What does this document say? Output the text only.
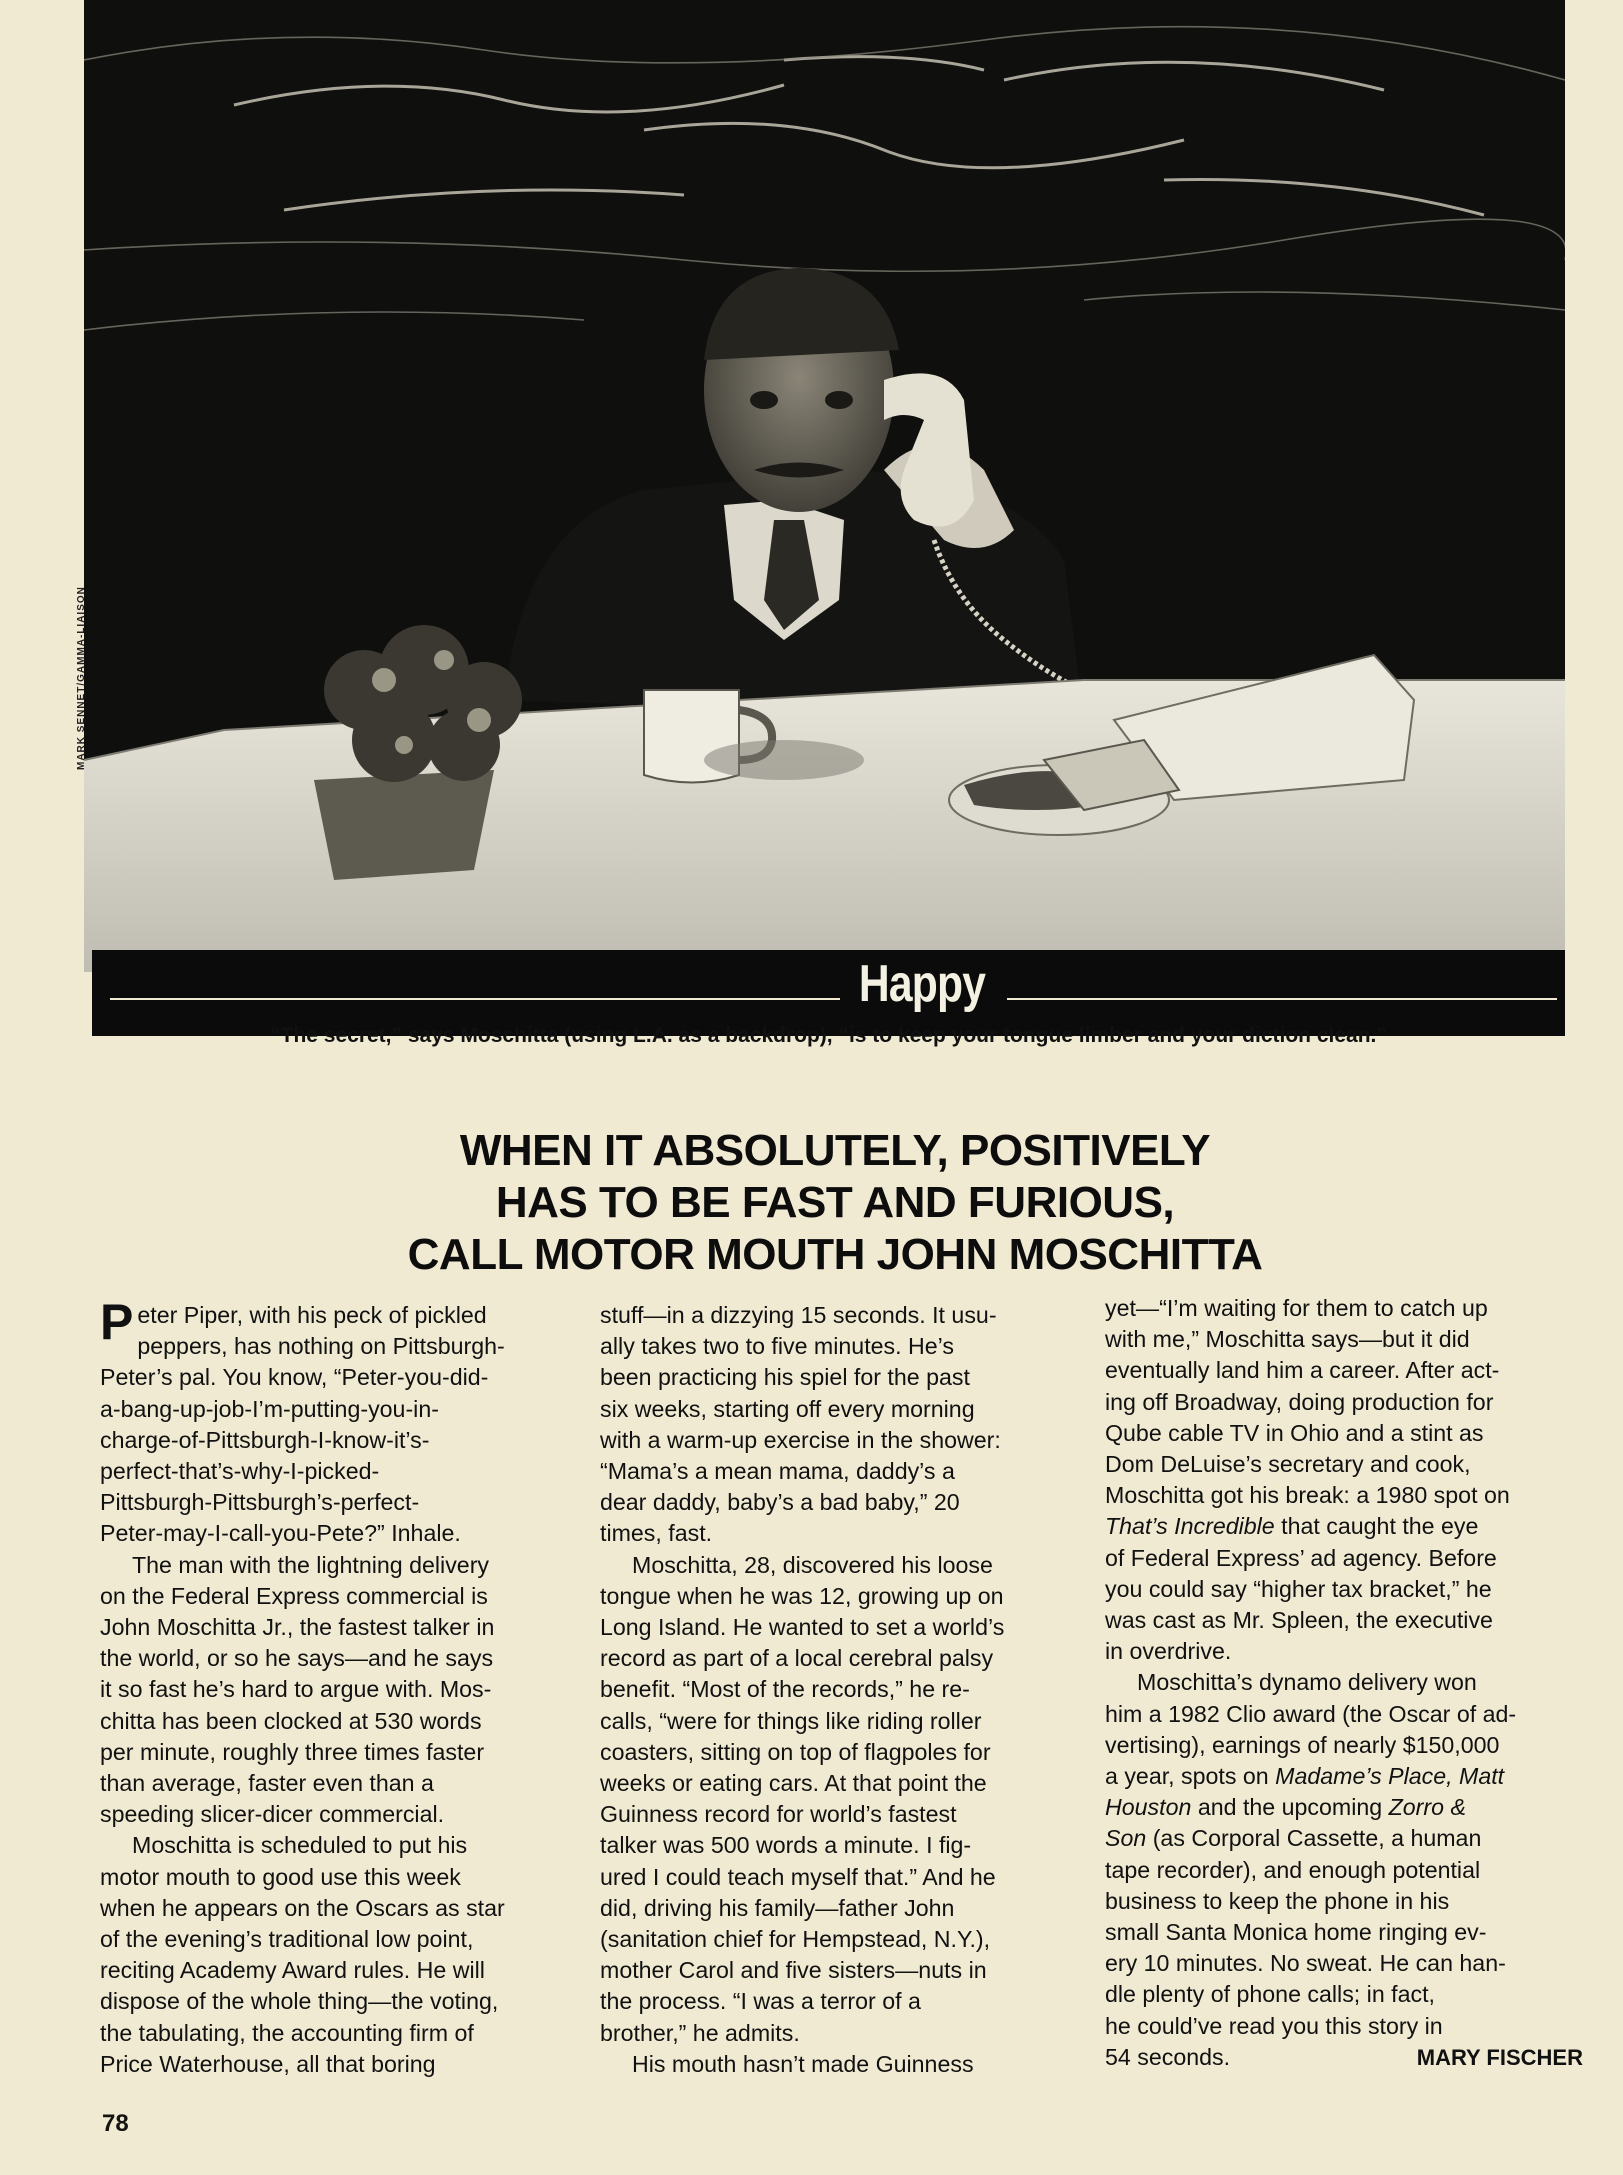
MARK SENNET/GAMMA-LIAISON
Happy
“The secret,” says Moschitta (using L.A. as a backdrop), “is to keep your tongue limber and your diction clean.”
WHEN IT ABSOLUTELY, POSITIVELY
HAS TO BE FAST AND FURIOUS,
CALL MOTOR MOUTH JOHN MOSCHITTA
P eter Piper, with his peck of pickled
peppers, has nothing on Pittsburgh-
Peter’s pal. You know, “Peter-you-did-
a-bang-up-job-I’m-putting-you-in-
charge-of-Pittsburgh-I-know-it’s-
perfect-that’s-why-I-picked-
Pittsburgh-Pittsburgh’s-perfect-
Peter-may-I-call-you-Pete?” Inhale.
The man with the lightning delivery
on the Federal Express commercial is
John Moschitta Jr., the fastest talker in
the world, or so he says—and he says
it so fast he’s hard to argue with. Mos-
chitta has been clocked at 530 words
per minute, roughly three times faster
than average, faster even than a
speeding slicer-dicer commercial.
Moschitta is scheduled to put his
motor mouth to good use this week
when he appears on the Oscars as star
of the evening’s traditional low point,
reciting Academy Award rules. He will
dispose of the whole thing—the voting,
the tabulating, the accounting firm of
Price Waterhouse, all that boring
stuff—in a dizzying 15 seconds. It usu-
ally takes two to five minutes. He’s
been practicing his spiel for the past
six weeks, starting off every morning
with a warm-up exercise in the shower:
“Mama’s a mean mama, daddy’s a
dear daddy, baby’s a bad baby,” 20
times, fast.
Moschitta, 28, discovered his loose
tongue when he was 12, growing up on
Long Island. He wanted to set a world’s
record as part of a local cerebral palsy
benefit. “Most of the records,” he re-
calls, “were for things like riding roller
coasters, sitting on top of flagpoles for
weeks or eating cars. At that point the
Guinness record for world’s fastest
talker was 500 words a minute. I fig-
ured I could teach myself that.” And he
did, driving his family—father John
(sanitation chief for Hempstead, N.Y.),
mother Carol and five sisters—nuts in
the process. “I was a terror of a
brother,” he admits.
His mouth hasn’t made Guinness
yet—“I’m waiting for them to catch up
with me,” Moschitta says—but it did
eventually land him a career. After act-
ing off Broadway, doing production for
Qube cable TV in Ohio and a stint as
Dom DeLuise’s secretary and cook,
Moschitta got his break: a 1980 spot on
That’s Incredible that caught the eye
of Federal Express’ ad agency. Before
you could say “higher tax bracket,” he
was cast as Mr. Spleen, the executive
in overdrive.
Moschitta’s dynamo delivery won
him a 1982 Clio award (the Oscar of ad-
vertising), earnings of nearly $150,000
a year, spots on Madame’s Place, Matt
Houston and the upcoming Zorro &
Son (as Corporal Cassette, a human
tape recorder), and enough potential
business to keep the phone in his
small Santa Monica home ringing ev-
ery 10 minutes. No sweat. He can han-
dle plenty of phone calls; in fact,
he could’ve read you this story in
54 seconds.	MARY FISCHER
78
